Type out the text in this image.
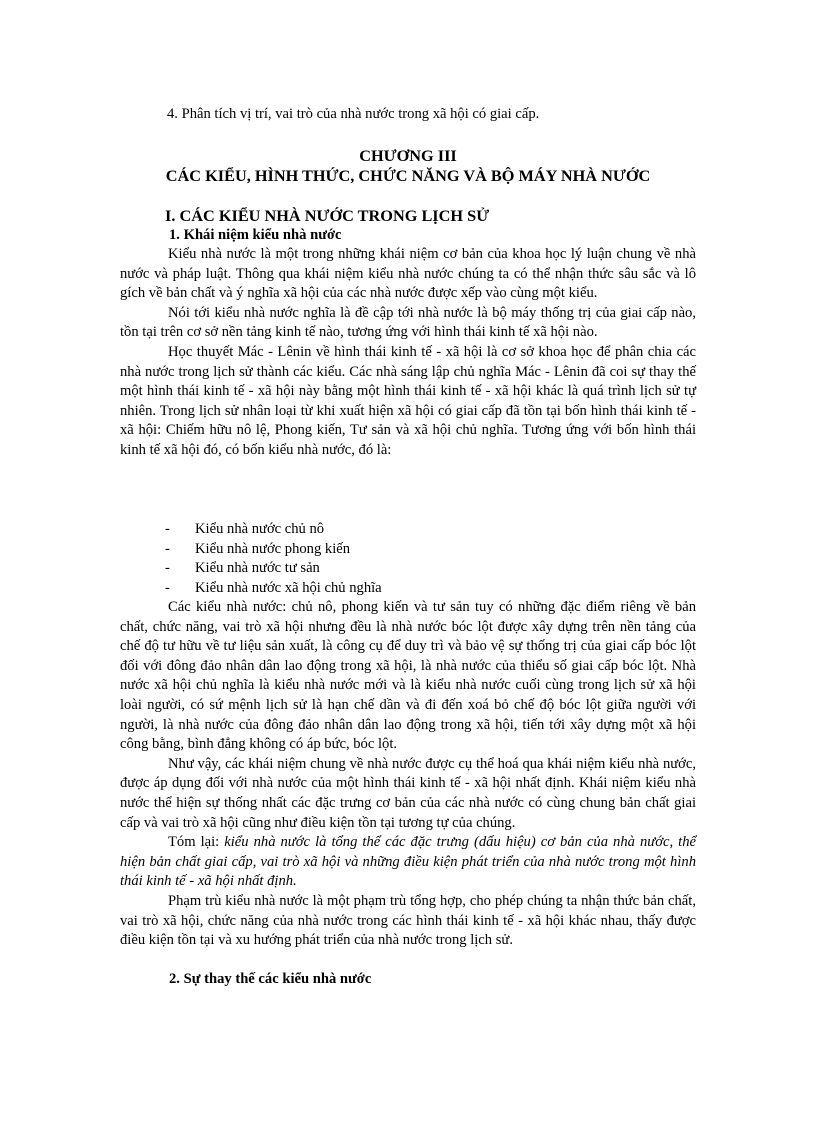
4. Phân tích vị trí, vai trò của nhà nước trong xã hội có giai cấp.
CHƯƠNG III
CÁC KIỂU, HÌNH THỨC, CHỨC NĂNG VÀ BỘ MÁY NHÀ NƯỚC
I. CÁC KIỂU NHÀ NƯỚC TRONG LỊCH SỬ
1. Khái niệm kiểu nhà nước

Kiểu nhà nước là một trong những khái niệm cơ bản của khoa học lý luận chung về nhà nước và pháp luật. Thông qua khái niệm kiểu nhà nước chúng ta có thể nhận thức sâu sắc và lô gích về bản chất và ý nghĩa xã hội của các nhà nước được xếp vào cùng một kiểu.

Nói tới kiểu nhà nước nghĩa là đề cập tới nhà nước là bộ máy thống trị của giai cấp nào, tồn tại trên cơ sở nền tảng kinh tế nào, tương ứng với hình thái kinh tế xã hội nào.

Học thuyết Mác - Lênin về hình thái kinh tế - xã hội là cơ sở khoa học để phân chia các nhà nước trong lịch sử thành các kiểu. Các nhà sáng lập chủ nghĩa Mác - Lênin đã coi sự thay thế một hình thái kinh tế - xã hội này bằng một hình thái kinh tế - xã hội khác là quá trình lịch sử tự nhiên. Trong lịch sử nhân loại từ khi xuất hiện xã hội có giai cấp đã tồn tại bốn hình thái kinh tế - xã hội: Chiếm hữu nô lệ, Phong kiến, Tư sản và xã hội chủ nghĩa. Tương ứng với bốn hình thái kinh tế xã hội đó, có bốn kiểu nhà nước, đó là:

- Kiểu nhà nước chủ nô
- Kiểu nhà nước phong kiến
- Kiểu nhà nước tư sản
- Kiểu nhà nước xã hội chủ nghĩa

Các kiểu nhà nước: chủ nô, phong kiến và tư sản tuy có những đặc điểm riêng về bản chất, chức năng, vai trò xã hội nhưng đều là nhà nước bóc lột được xây dựng trên nền tảng của chế độ tư hữu về tư liệu sản xuất, là công cụ để duy trì và bảo vệ sự thống trị của giai cấp bóc lột đối với đông đảo nhân dân lao động trong xã hội, là nhà nước của thiểu số giai cấp bóc lột. Nhà nước xã hội chủ nghĩa là kiểu nhà nước mới và là kiểu nhà nước cuối cùng trong lịch sử xã hội loài người, có sứ mệnh lịch sử là hạn chế dần và đi đến xoá bỏ chế độ bóc lột giữa người với người, là nhà nước của đông đảo nhân dân lao động trong xã hội, tiến tới xây dựng một xã hội công bằng, bình đẳng không có áp bức, bóc lột.

Như vậy, các khái niệm chung về nhà nước được cụ thể hoá qua khái niệm kiểu nhà nước, được áp dụng đối với nhà nước của một hình thái kinh tế - xã hội nhất định. Khái niệm kiểu nhà nước thể hiện sự thống nhất các đặc trưng cơ bản của các nhà nước có cùng chung bản chất giai cấp và vai trò xã hội cũng như điều kiện tồn tại tương tự của chúng.

Tóm lại: kiểu nhà nước là tổng thể các đặc trưng (dấu hiệu) cơ bản của nhà nước, thể hiện bản chất giai cấp, vai trò xã hội và những điều kiện phát triển của nhà nước trong một hình thái kinh tế - xã hội nhất định.

Phạm trù kiểu nhà nước là một phạm trù tổng hợp, cho phép chúng ta nhận thức bản chất, vai trò xã hội, chức năng của nhà nước trong các hình thái kinh tế - xã hội khác nhau, thấy được điều kiện tồn tại và xu hướng phát triển của nhà nước trong lịch sử.

2. Sự thay thế các kiểu nhà nước
